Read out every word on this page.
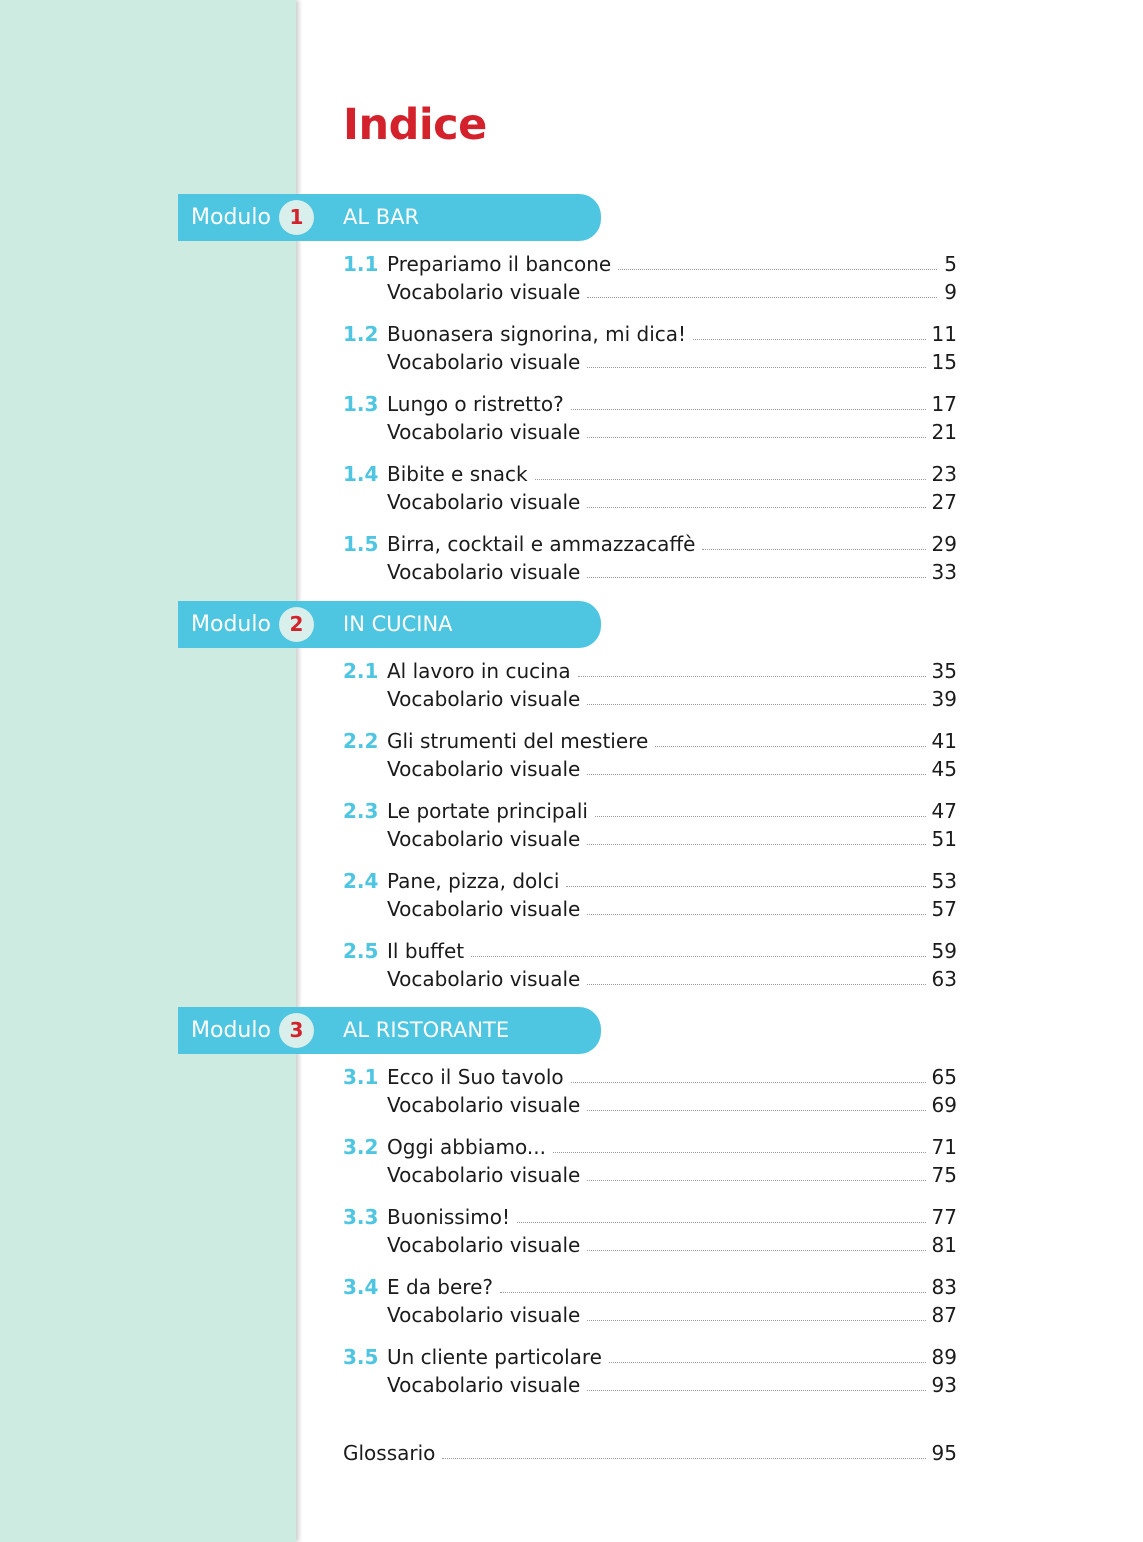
Indice
Modulo 1	AL BAR
1.1 Prepariamo il bancone	5
Vocabolario visuale	9
1.2 Buonasera signorina, mi dica!	11
Vocabolario visuale	15
1.3 Lungo o ristretto?	17
Vocabolario visuale	21
1.4 Bibite e snack	23
Vocabolario visuale	27
1.5 Birra, cocktail e ammazzacaffè	29
Vocabolario visuale	33
Modulo 2	IN CUCINA
2.1 Al lavoro in cucina	35
Vocabolario visuale	39
2.2 Gli strumenti del mestiere	41
Vocabolario visuale	45
2.3 Le portate principali	47
Vocabolario visuale	51
2.4 Pane, pizza, dolci	53
Vocabolario visuale	57
2.5 Il buffet	59
Vocabolario visuale	63
Modulo 3	AL RISTORANTE
3.1 Ecco il Suo tavolo	65
Vocabolario visuale	69
3.2 Oggi abbiamo...	71
Vocabolario visuale	75
3.3 Buonissimo!	77
Vocabolario visuale	81
3.4 E da bere?	83
Vocabolario visuale	87
3.5 Un cliente particolare	89
Vocabolario visuale	93
Glossario	95
